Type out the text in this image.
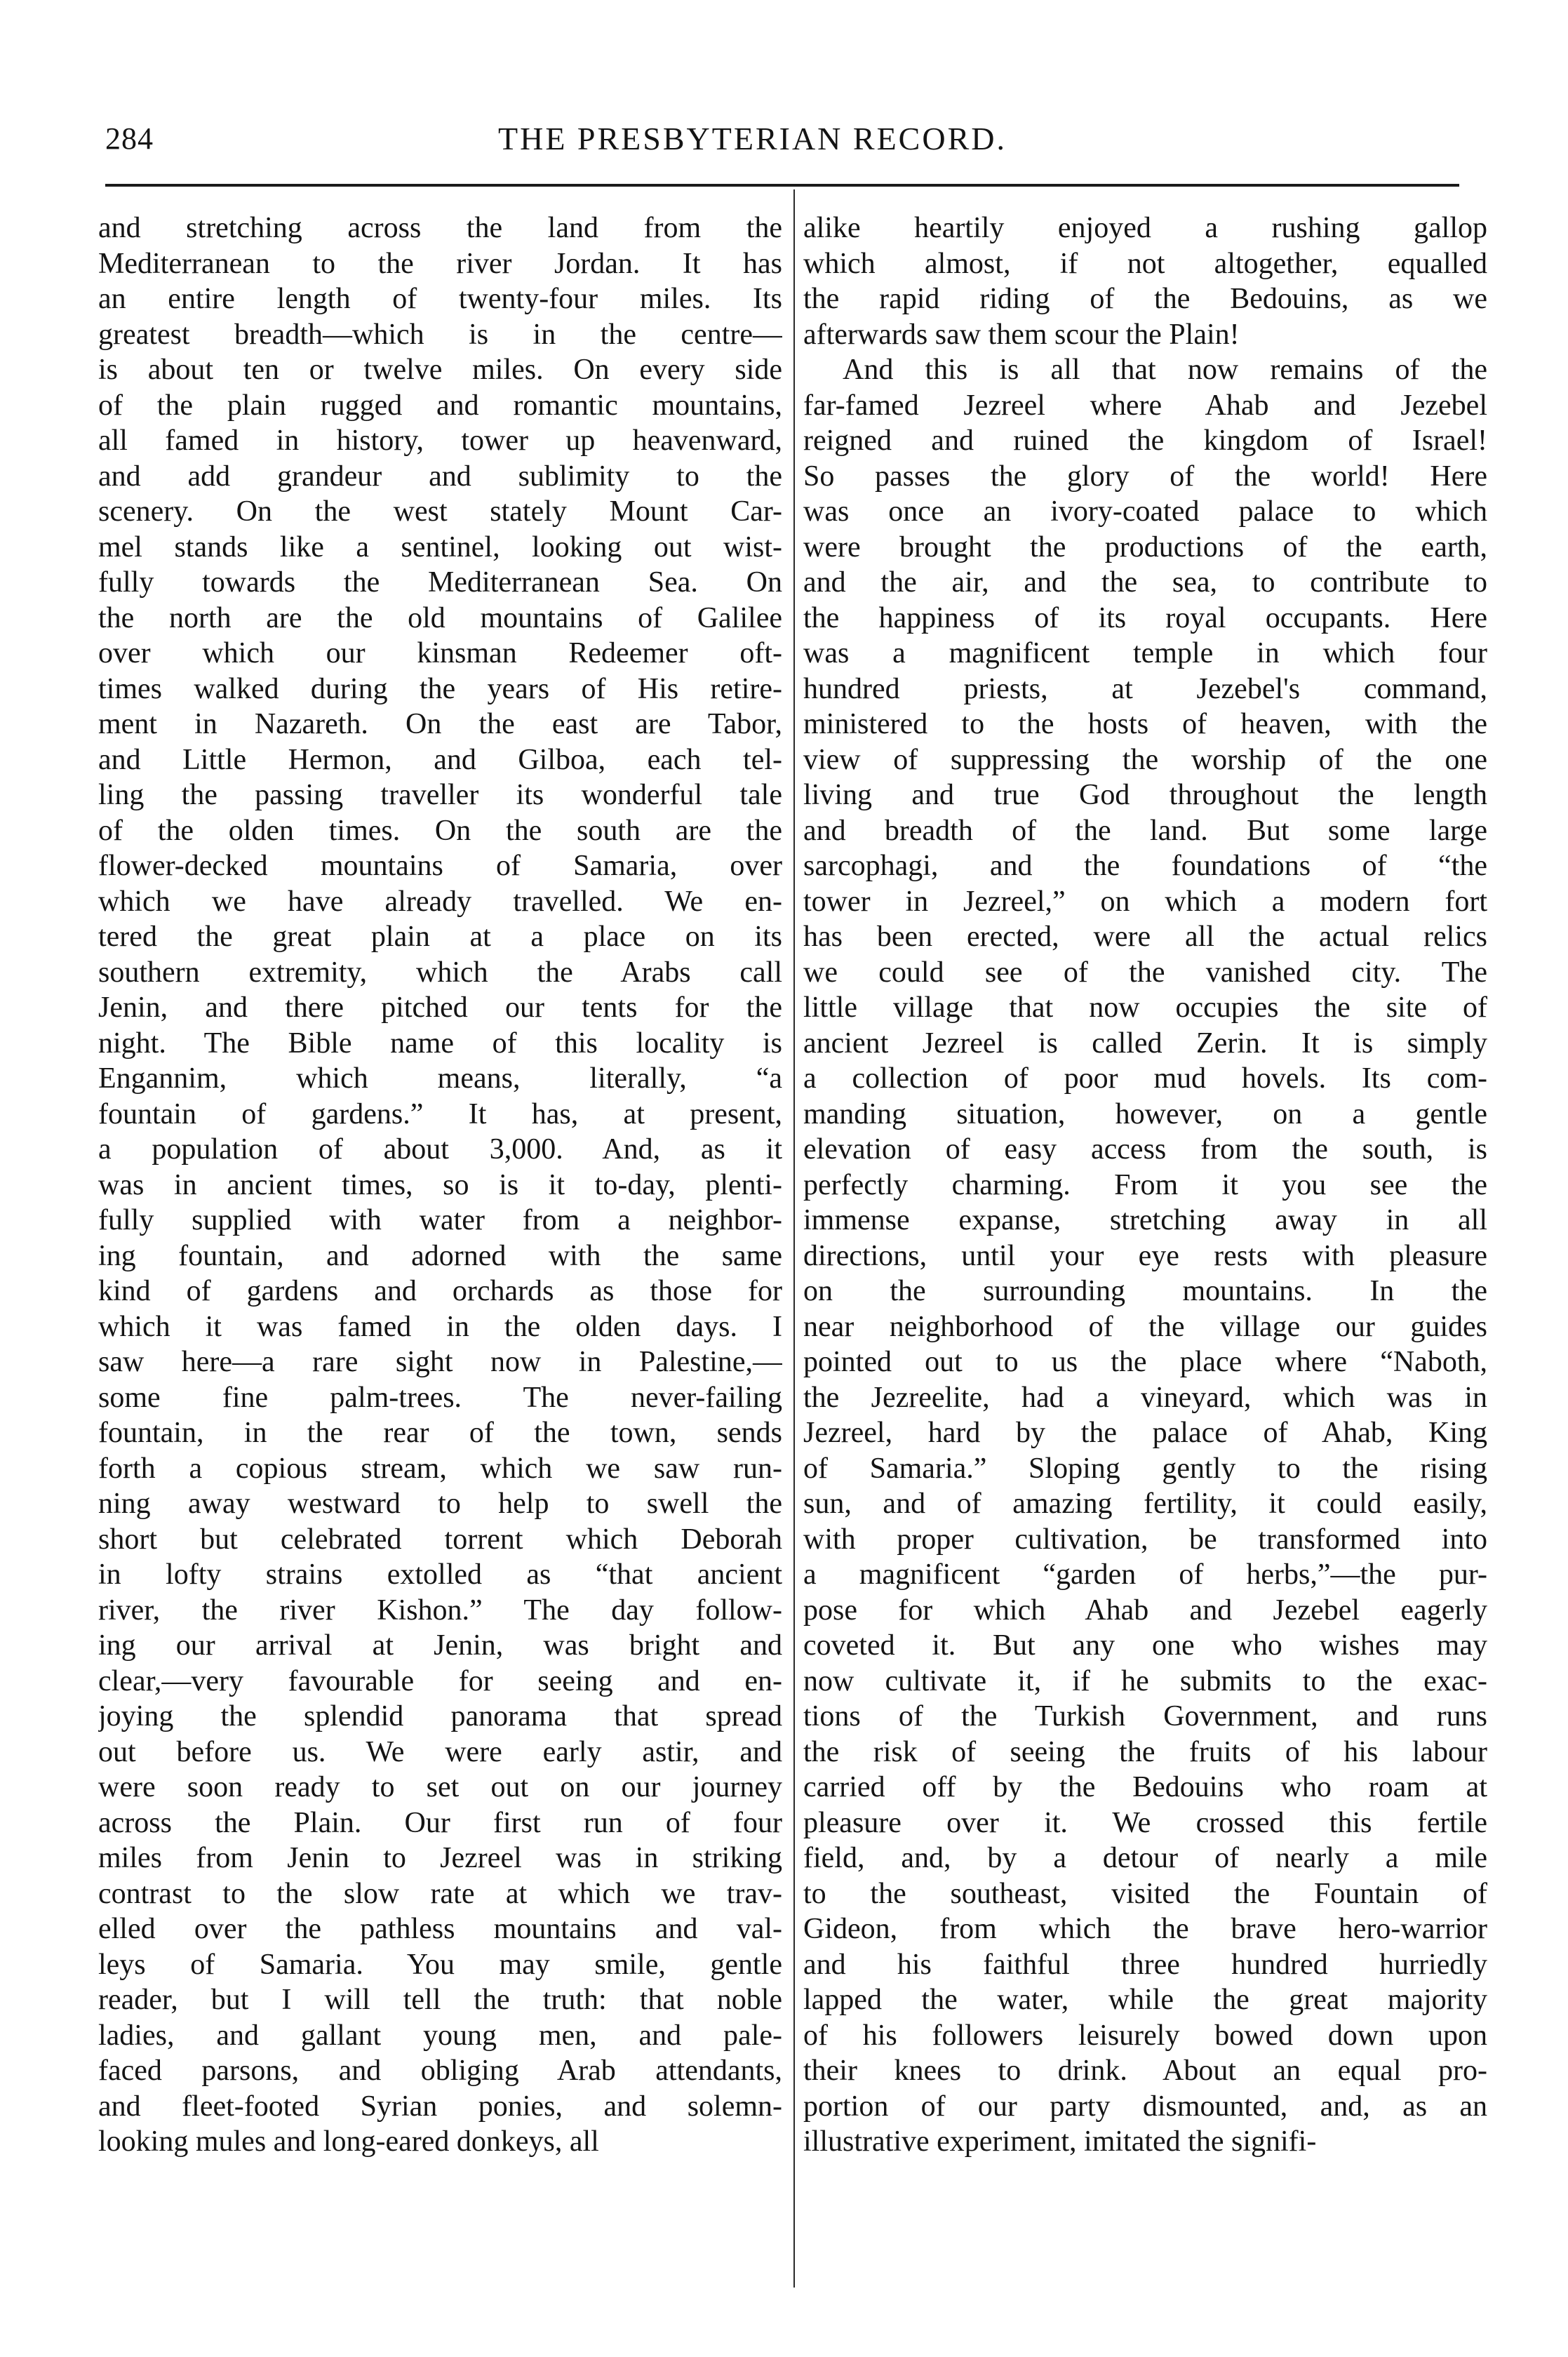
284	THE PRESBYTERIAN RECORD.
and stretching across the land from the
Mediterranean to the river Jordan. It has
an entire length of twenty-four miles. Its
greatest breadth—which is in the centre—
is about ten or twelve miles. On every side
of the plain rugged and romantic mountains,
all famed in history, tower up heavenward,
and add grandeur and sublimity to the
scenery. On the west stately Mount Car-
mel stands like a sentinel, looking out wist-
fully towards the Mediterranean Sea. On
the north are the old mountains of Galilee
over which our kinsman Redeemer oft-
times walked during the years of His retire-
ment in Nazareth. On the east are Tabor,
and Little Hermon, and Gilboa, each tel-
ling the passing traveller its wonderful tale
of the olden times. On the south are the
flower-decked mountains of Samaria, over
which we have already travelled. We en-
tered the great plain at a place on its
southern extremity, which the Arabs call
Jenin, and there pitched our tents for the
night. The Bible name of this locality is
Engannim, which means, literally, “a
fountain of gardens.” It has, at present,
a population of about 3,000. And, as it
was in ancient times, so is it to-day, plenti-
fully supplied with water from a neighbor-
ing fountain, and adorned with the same
kind of gardens and orchards as those for
which it was famed in the olden days. I
saw here—a rare sight now in Palestine,—
some fine palm-trees. The never-failing
fountain, in the rear of the town, sends
forth a copious stream, which we saw run-
ning away westward to help to swell the
short but celebrated torrent which Deborah
in lofty strains extolled as “that ancient
river, the river Kishon.” The day follow-
ing our arrival at Jenin, was bright and
clear,—very favourable for seeing and en-
joying the splendid panorama that spread
out before us. We were early astir, and
were soon ready to set out on our journey
across the Plain. Our first run of four
miles from Jenin to Jezreel was in striking
contrast to the slow rate at which we trav-
elled over the pathless mountains and val-
leys of Samaria. You may smile, gentle
reader, but I will tell the truth: that noble
ladies, and gallant young men, and pale-
faced parsons, and obliging Arab attendants,
and fleet-footed Syrian ponies, and solemn-
looking mules and long-eared donkeys, all
alike heartily enjoyed a rushing gallop
which almost, if not altogether, equalled
the rapid riding of the Bedouins, as we
afterwards saw them scour the Plain!
And this is all that now remains of the
far-famed Jezreel where Ahab and Jezebel
reigned and ruined the kingdom of Israel!
So passes the glory of the world! Here
was once an ivory-coated palace to which
were brought the productions of the earth,
and the air, and the sea, to contribute to
the happiness of its royal occupants. Here
was a magnificent temple in which four
hundred priests, at Jezebel's command,
ministered to the hosts of heaven, with the
view of suppressing the worship of the one
living and true God throughout the length
and breadth of the land. But some large
sarcophagi, and the foundations of “the
tower in Jezreel,” on which a modern fort
has been erected, were all the actual relics
we could see of the vanished city. The
little village that now occupies the site of
ancient Jezreel is called Zerin. It is simply
a collection of poor mud hovels. Its com-
manding situation, however, on a gentle
elevation of easy access from the south, is
perfectly charming. From it you see the
immense expanse, stretching away in all
directions, until your eye rests with pleasure
on the surrounding mountains. In the
near neighborhood of the village our guides
pointed out to us the place where “Naboth,
the Jezreelite, had a vineyard, which was in
Jezreel, hard by the palace of Ahab, King
of Samaria.” Sloping gently to the rising
sun, and of amazing fertility, it could easily,
with proper cultivation, be transformed into
a magnificent “garden of herbs,”—the pur-
pose for which Ahab and Jezebel eagerly
coveted it. But any one who wishes may
now cultivate it, if he submits to the exac-
tions of the Turkish Government, and runs
the risk of seeing the fruits of his labour
carried off by the Bedouins who roam at
pleasure over it. We crossed this fertile
field, and, by a detour of nearly a mile
to the southeast, visited the Fountain of
Gideon, from which the brave hero-warrior
and his faithful three hundred hurriedly
lapped the water, while the great majority
of his followers leisurely bowed down upon
their knees to drink. About an equal pro-
portion of our party dismounted, and, as an
illustrative experiment, imitated the signifi-
